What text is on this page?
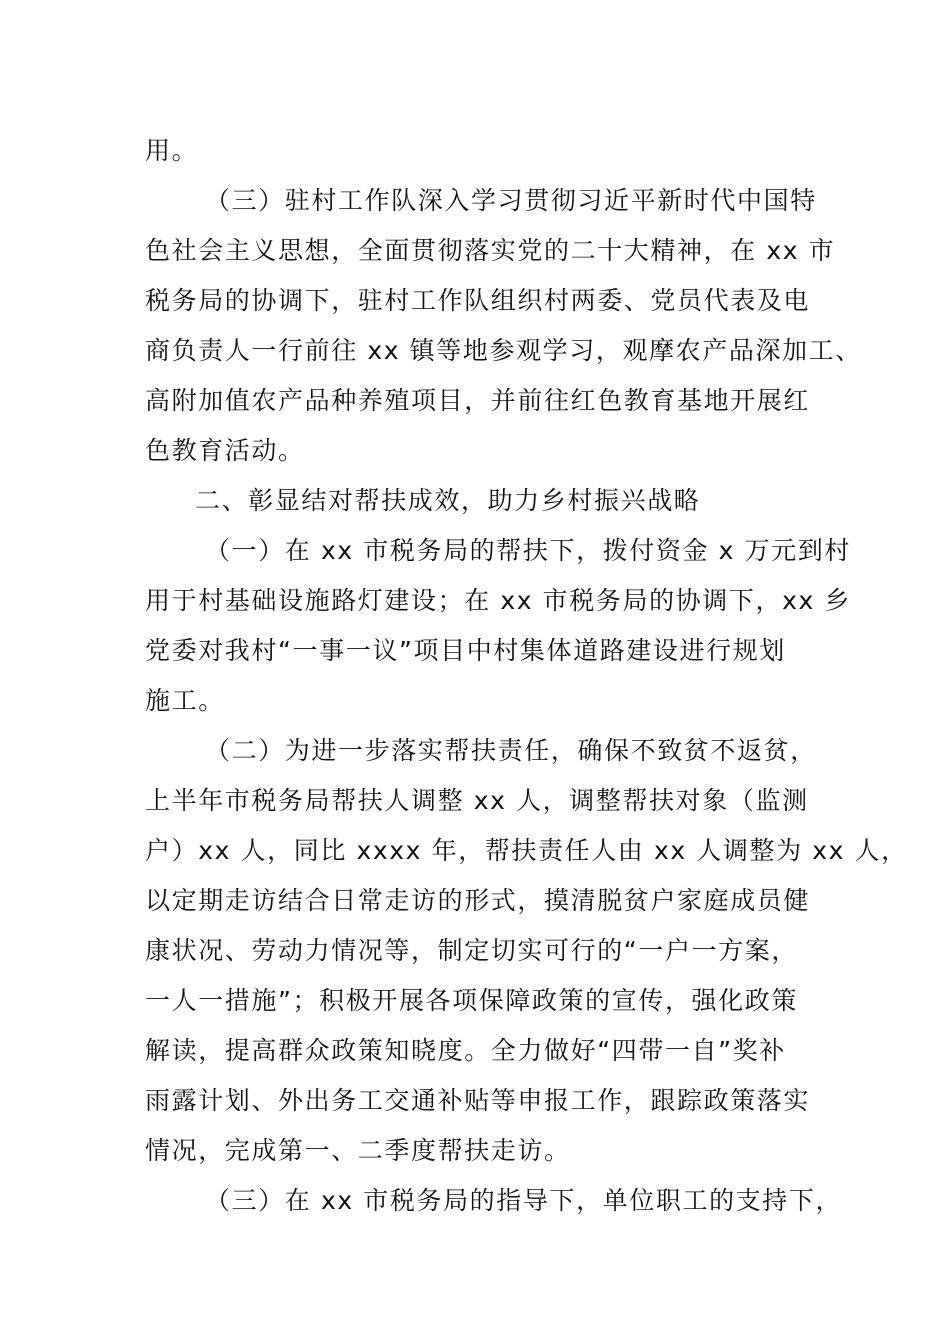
用。
（三）驻村工作队深入学习贯彻习近平新时代中国特
色社会主义思想，全面贯彻落实党的二十大精神，在 xx 市
税务局的协调下，驻村工作队组织村两委、党员代表及电
商负责人一行前往 xx 镇等地参观学习，观摩农产品深加工、
高附加值农产品种养殖项目，并前往红色教育基地开展红
色教育活动。
二、彰显结对帮扶成效，助力乡村振兴战略
（一）在 xx 市税务局的帮扶下，拨付资金 x 万元到村
用于村基础设施路灯建设；在 xx 市税务局的协调下，xx 乡
党委对我村“一事一议”项目中村集体道路建设进行规划
施工。
（二）为进一步落实帮扶责任，确保不致贫不返贫，
上半年市税务局帮扶人调整 xx 人，调整帮扶对象（监测
户）xx 人，同比 xxxx 年，帮扶责任人由 xx 人调整为 xx 人，
以定期走访结合日常走访的形式，摸清脱贫户家庭成员健
康状况、劳动力情况等，制定切实可行的“一户一方案，
一人一措施”；积极开展各项保障政策的宣传，强化政策
解读，提高群众政策知晓度。全力做好“四带一自”奖补
雨露计划、外出务工交通补贴等申报工作，跟踪政策落实
情况，完成第一、二季度帮扶走访。
（三）在 xx 市税务局的指导下，单位职工的支持下，
